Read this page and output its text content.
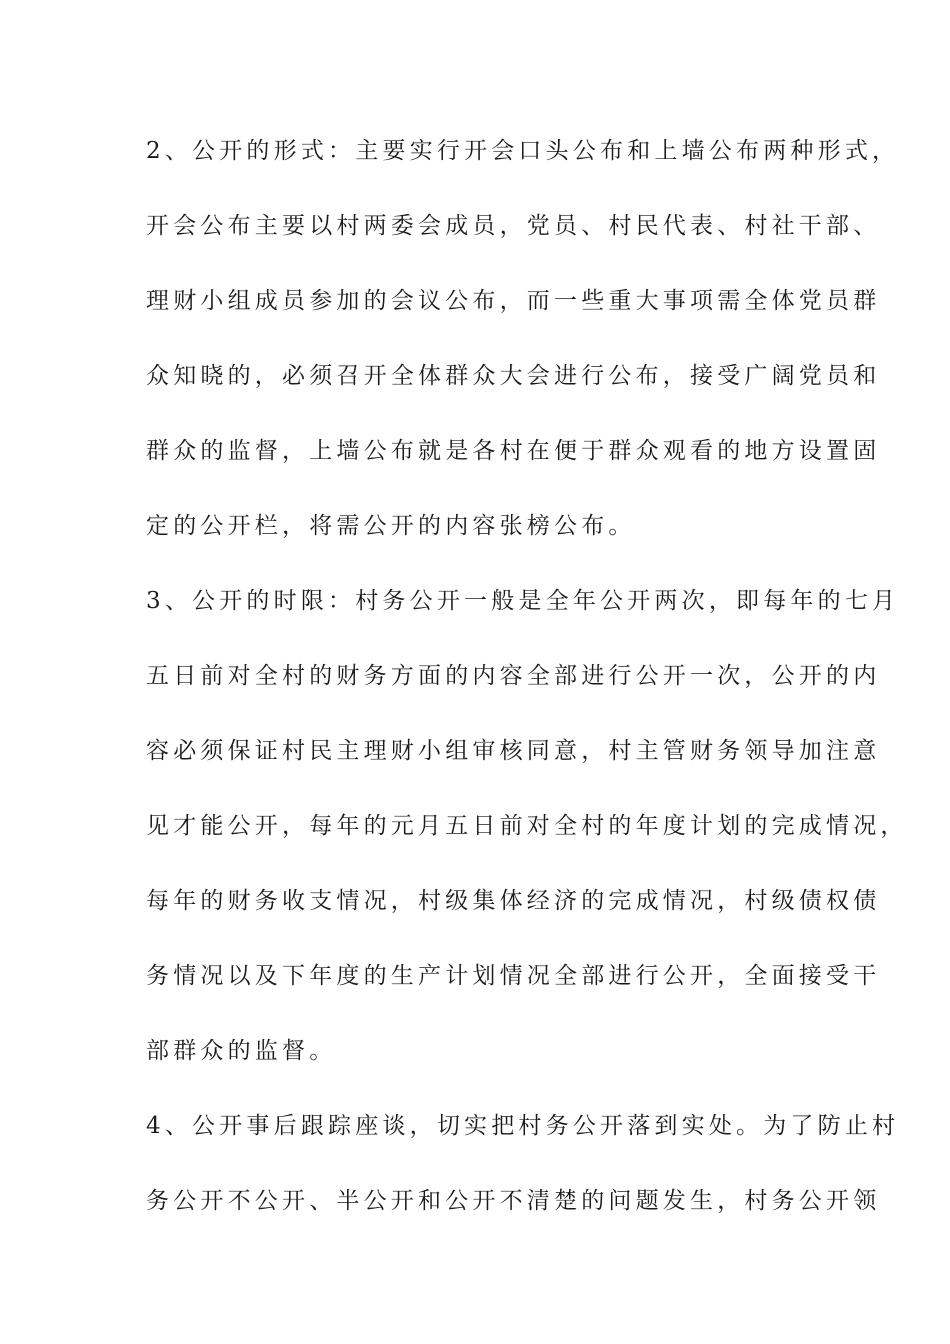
2、公开的形式：主要实行开会口头公布和上墙公布两种形式，
开会公布主要以村两委会成员，党员、村民代表、村社干部、
理财小组成员参加的会议公布，而一些重大事项需全体党员群
众知晓的，必须召开全体群众大会进行公布，接受广阔党员和
群众的监督，上墙公布就是各村在便于群众观看的地方设置固
定的公开栏，将需公开的内容张榜公布。
3、公开的时限：村务公开一般是全年公开两次，即每年的七月
五日前对全村的财务方面的内容全部进行公开一次，公开的内
容必须保证村民主理财小组审核同意，村主管财务领导加注意
见才能公开，每年的元月五日前对全村的年度计划的完成情况，
每年的财务收支情况，村级集体经济的完成情况，村级债权债
务情况以及下年度的生产计划情况全部进行公开，全面接受干
部群众的监督。
4、公开事后跟踪座谈，切实把村务公开落到实处。为了防止村
务公开不公开、半公开和公开不清楚的问题发生，村务公开领
